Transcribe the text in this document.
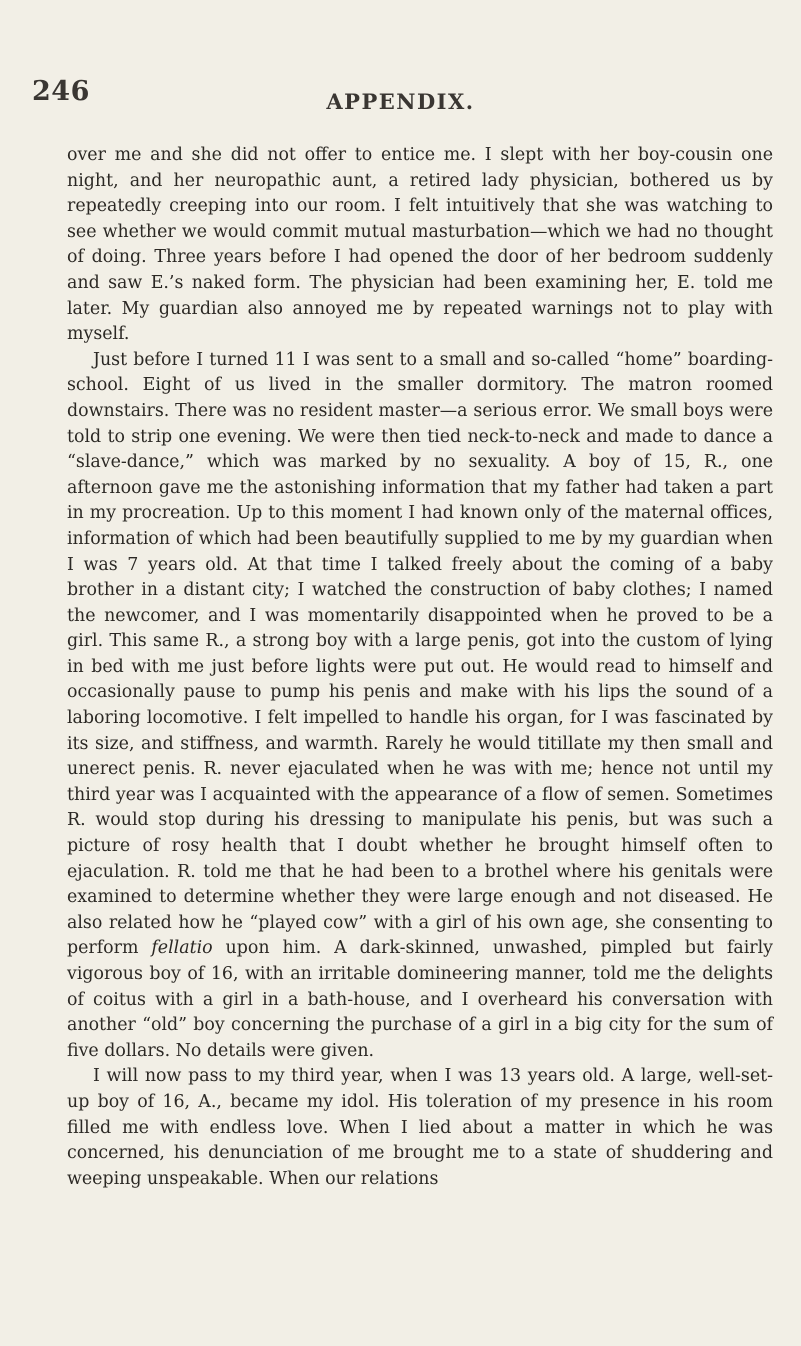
246	APPENDIX.

over me and she did not offer to entice me. I slept with her boy-cousin one night, and her neuropathic aunt, a retired lady physician, bothered us by repeatedly creeping into our room. I felt intuitively that she was watching to see whether we would commit mutual masturbation—which we had no thought of doing. Three years before I had opened the door of her bedroom suddenly and saw E.’s naked form. The physician had been examining her, E. told me later. My guardian also annoyed me by repeated warnings not to play with myself.

Just before I turned 11 I was sent to a small and so-called “home” boarding-school. Eight of us lived in the smaller dormitory. The matron roomed downstairs. There was no resident master—a serious error. We small boys were told to strip one evening. We were then tied neck-to-neck and made to dance a “slave-dance,” which was marked by no sexuality. A boy of 15, R., one afternoon gave me the astonishing information that my father had taken a part in my procreation. Up to this moment I had known only of the maternal offices, information of which had been beautifully supplied to me by my guardian when I was 7 years old. At that time I talked freely about the coming of a baby brother in a distant city; I watched the construction of baby clothes; I named the newcomer, and I was momentarily disappointed when he proved to be a girl. This same R., a strong boy with a large penis, got into the custom of lying in bed with me just before lights were put out. He would read to himself and occasionally pause to pump his penis and make with his lips the sound of a laboring locomotive. I felt impelled to handle his organ, for I was fascinated by its size, and stiffness, and warmth. Rarely he would titillate my then small and unerect penis. R. never ejaculated when he was with me; hence not until my third year was I acquainted with the appearance of a flow of semen. Sometimes R. would stop during his dressing to manipulate his penis, but was such a picture of rosy health that I doubt whether he brought himself often to ejaculation. R. told me that he had been to a brothel where his genitals were examined to determine whether they were large enough and not diseased. He also related how he “played cow” with a girl of his own age, she consenting to perform fellatio upon him. A dark-skinned, unwashed, pimpled but fairly vigorous boy of 16, with an irritable domineering manner, told me the delights of coitus with a girl in a bath-house, and I overheard his conversation with another “old” boy concerning the purchase of a girl in a big city for the sum of five dollars. No details were given.

I will now pass to my third year, when I was 13 years old. A large, well-set-up boy of 16, A., became my idol. His toleration of my presence in his room filled me with endless love. When I lied about a matter in which he was concerned, his denunciation of me brought me to a state of shuddering and weeping unspeakable. When our relations
